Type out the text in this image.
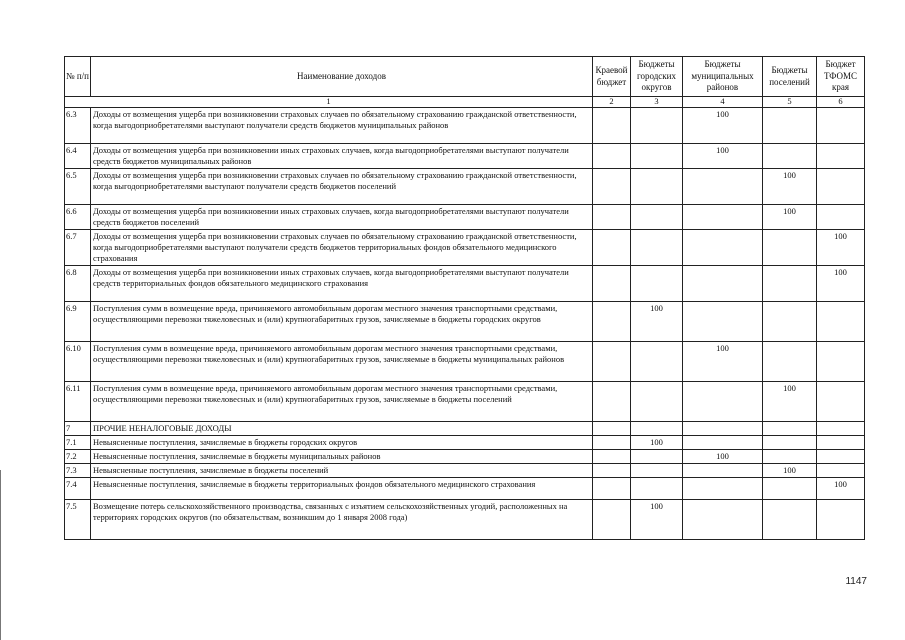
№ п/п	Наименование доходов	Краевой бюджет	Бюджеты городских округов	Бюджеты муниципальных районов	Бюджеты поселений	Бюджет ТФОМС края
1		2	3	4	5	6
6.3	Доходы от возмещения ущерба при возникновении страховых случаев по обязательному страхованию гражданской ответственности, когда выгодоприобретателями выступают получатели средств бюджетов муниципальных районов			100		
6.4	Доходы от возмещения ущерба при возникновении иных страховых случаев, когда выгодоприобретателями выступают получатели средств бюджетов муниципальных районов			100		
6.5	Доходы от возмещения ущерба при возникновении страховых случаев по обязательному страхованию гражданской ответственности, когда выгодоприобретателями выступают получатели средств бюджетов поселений				100	
6.6	Доходы от возмещения ущерба при возникновении иных страховых случаев, когда выгодоприобретателями выступают получатели средств бюджетов поселений				100	
6.7	Доходы от возмещения ущерба при возникновении страховых случаев по обязательному страхованию гражданской ответственности, когда выгодоприобретателями выступают получатели средств бюджетов территориальных фондов обязательного медицинского страхования					100
6.8	Доходы от возмещения ущерба при возникновении иных страховых случаев, когда выгодоприобретателями выступают получатели средств территориальных фондов обязательного медицинского страхования					100
6.9	Поступления сумм в возмещение вреда, причиняемого автомобильным дорогам местного значения транспортными средствами, осуществляющими перевозки тяжеловесных и (или) крупногабаритных грузов, зачисляемые в бюджеты городских округов		100			
6.10	Поступления сумм в возмещение вреда, причиняемого автомобильным дорогам местного значения транспортными средствами, осуществляющими перевозки тяжеловесных и (или) крупногабаритных грузов, зачисляемые в бюджеты муниципальных районов			100		
6.11	Поступления сумм в возмещение вреда, причиняемого автомобильным дорогам местного значения транспортными средствами, осуществляющими перевозки тяжеловесных и (или) крупногабаритных грузов, зачисляемые в бюджеты поселений				100	
7	ПРОЧИЕ НЕНАЛОГОВЫЕ ДОХОДЫ					
7.1	Невыясненные поступления, зачисляемые в бюджеты городских округов		100			
7.2	Невыясненные поступления, зачисляемые в бюджеты муниципальных районов			100		
7.3	Невыясненные поступления, зачисляемые в бюджеты поселений				100	
7.4	Невыясненные поступления, зачисляемые в бюджеты территориальных фондов обязательного медицинского страхования					100
7.5	Возмещение потерь сельскохозяйственного производства, связанных с изъятием сельскохозяйственных угодий, расположенных на территориях городских округов (по обязательствам, возникшим до 1 января 2008 года)		100			
1147
